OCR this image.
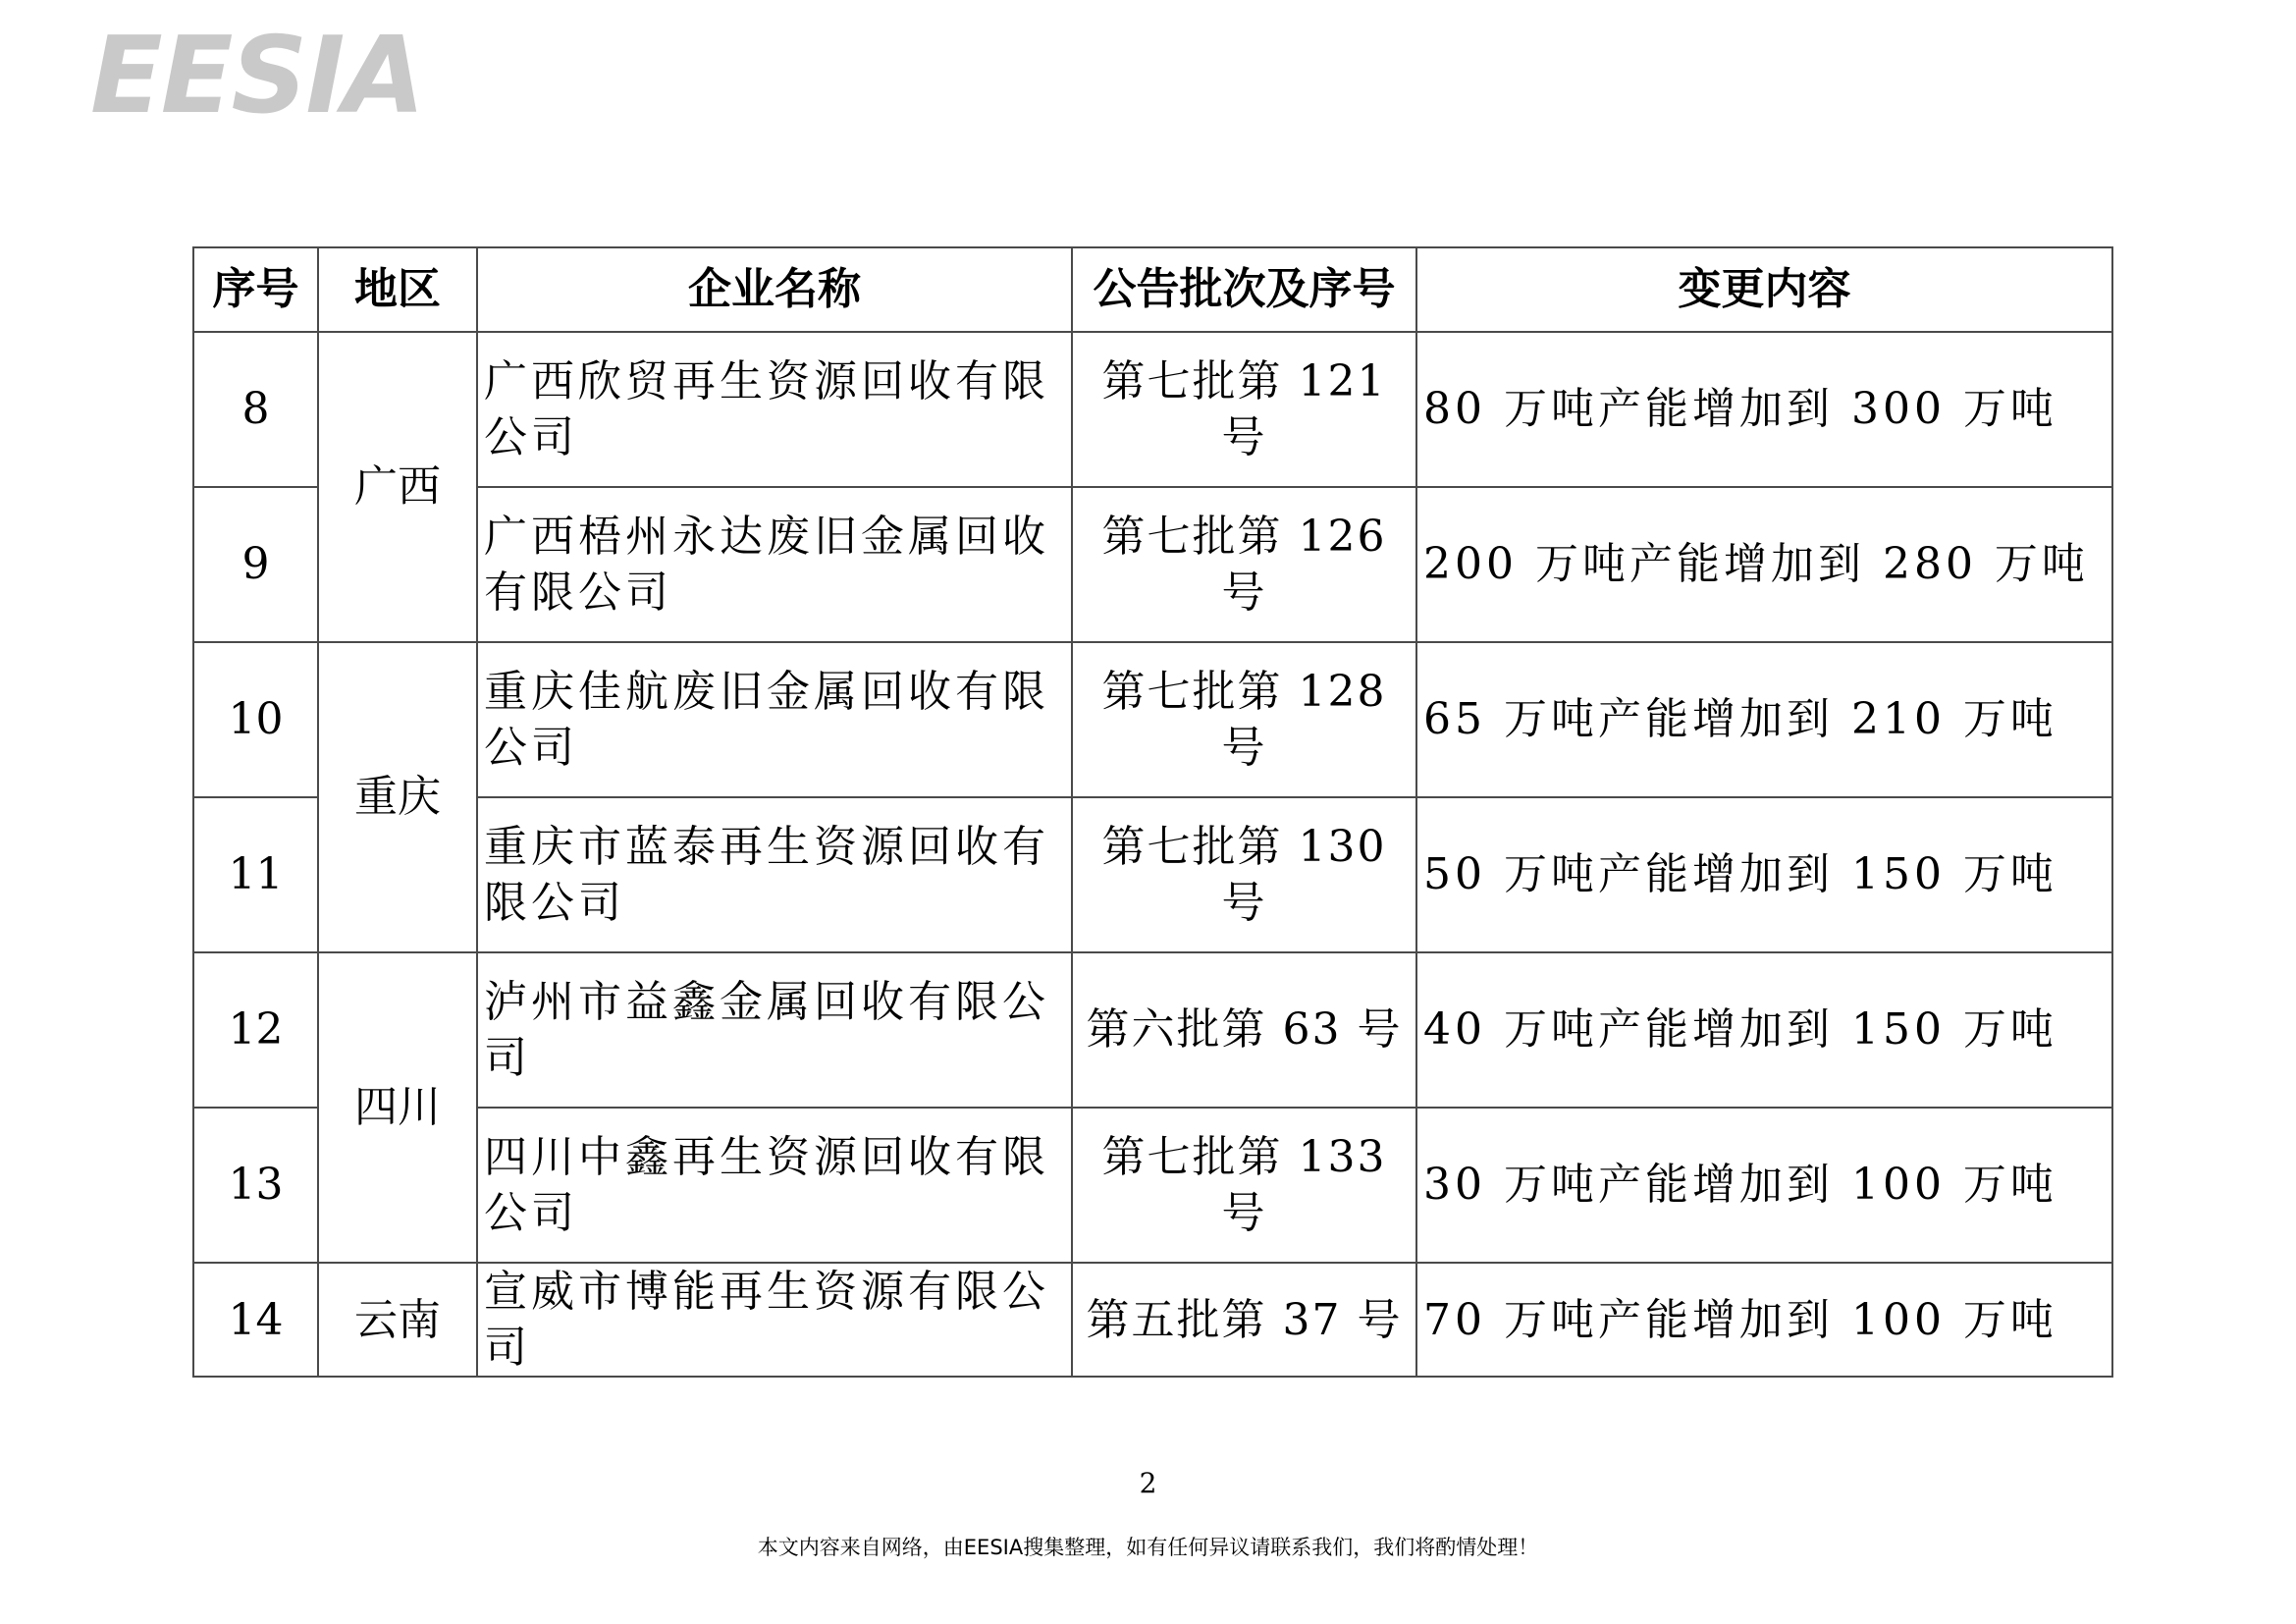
EESIA
序号	地区	企业名称	公告批次及序号	变更内容
8	广西	广西欣贸再生资源回收有限公司	第七批第 121 号	80 万吨产能增加到 300 万吨
9		广西梧州永达废旧金属回收有限公司	第七批第 126 号	200 万吨产能增加到 280 万吨
10	重庆	重庆佳航废旧金属回收有限公司	第七批第 128 号	65 万吨产能增加到 210 万吨
11		重庆市蓝泰再生资源回收有限公司	第七批第 130 号	50 万吨产能增加到 150 万吨
12	四川	泸州市益鑫金属回收有限公司	第六批第 63 号	40 万吨产能增加到 150 万吨
13		四川中鑫再生资源回收有限公司	第七批第 133 号	30 万吨产能增加到 100 万吨
14	云南	宣威市博能再生资源有限公司	第五批第 37 号	70 万吨产能增加到 100 万吨
2
本文内容来自网络，由EESIA搜集整理，如有任何异议请联系我们，我们将酌情处理！
